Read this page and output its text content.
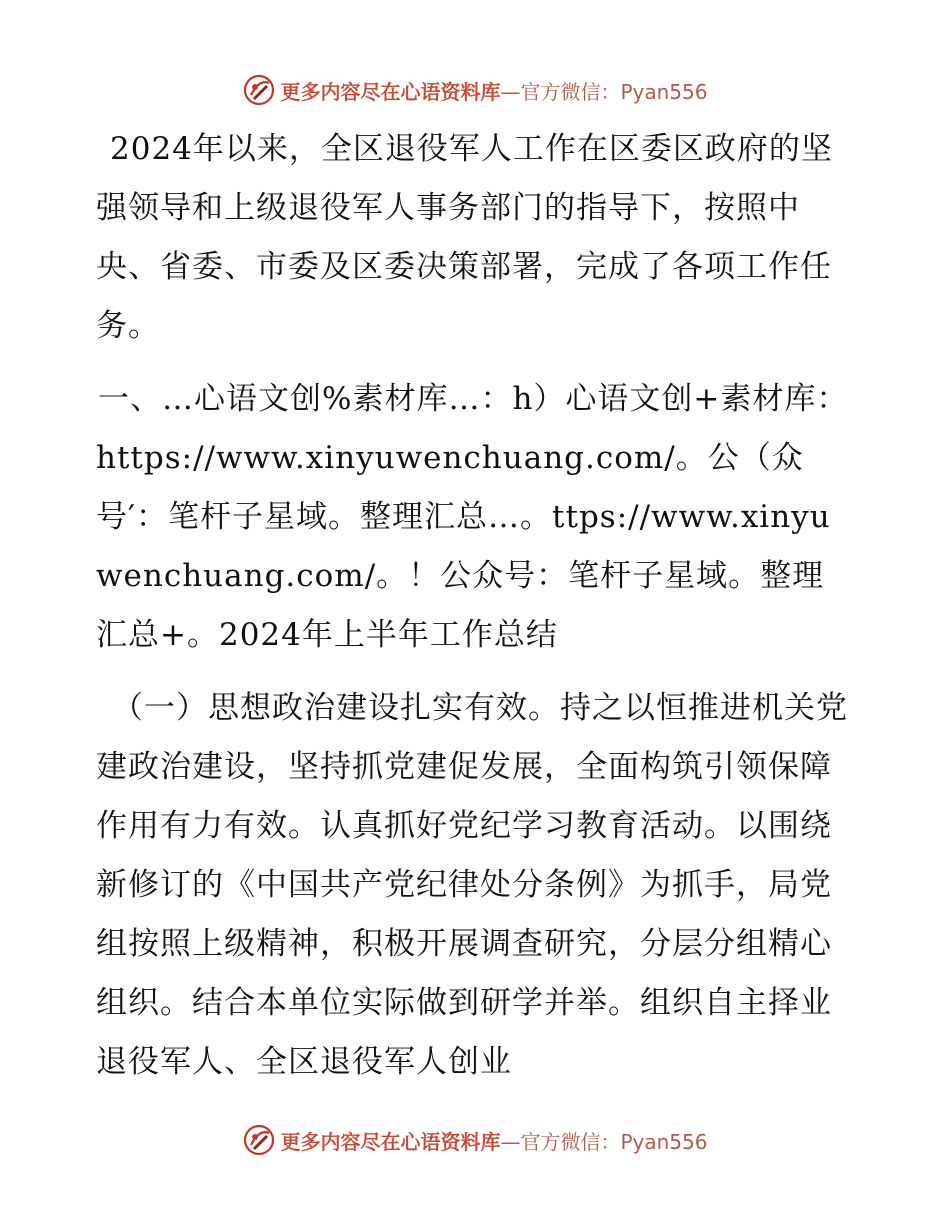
更多内容尽在心语资料库—官方微信：Pyan556

2024年以来，全区退役军人工作在区委区政府的坚强领导和上级退役军人事务部门的指导下，按照中央、省委、市委及区委决策部署，完成了各项工作任务。

一、…心语文创%素材库…：h）心语文创+素材库：https://www.xinyuwenchuang.com/。公（众号′：笔杆子星域。整理汇总…。ttps://www.xinyuwenchuang.com/。！公众号：笔杆子星域。整理汇总+。2024年上半年工作总结

（一）思想政治建设扎实有效。持之以恒推进机关党建政治建设，坚持抓党建促发展，全面构筑引领保障作用有力有效。认真抓好党纪学习教育活动。以围绕新修订的《中国共产党纪律处分条例》为抓手，局党组按照上级精神，积极开展调查研究，分层分组精心组织。结合本单位实际做到研学并举。组织自主择业退役军人、全区退役军人创业

更多内容尽在心语资料库—官方微信：Pyan556
